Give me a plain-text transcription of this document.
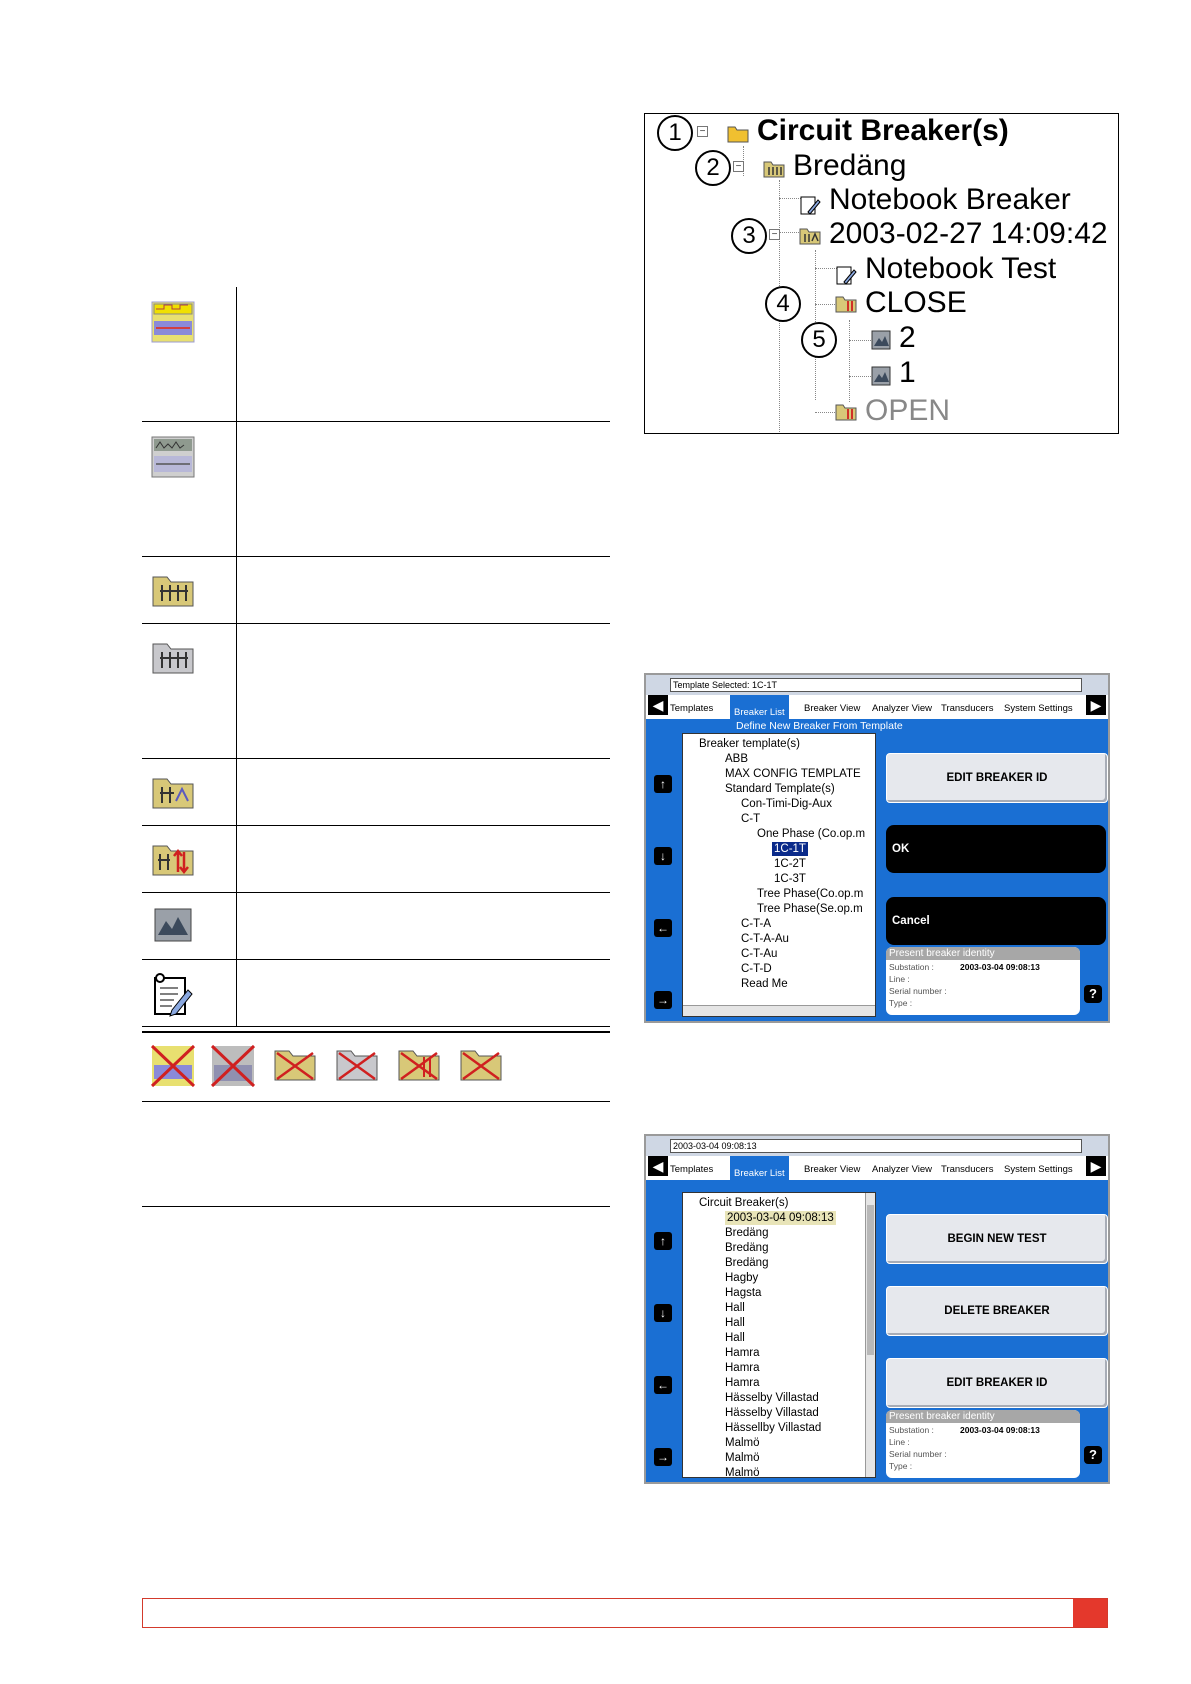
1	− Circuit Breaker(s)
2	− Bredäng
Notebook Breaker
3	− 2003-02-27 14:09:42
Notebook Test
4	CLOSE
5	2
1
OPEN
Template Selected: 1C-1T
◀	▶
Templates	Breaker List	Breaker View Analyzer View Transducers System Settings
Define New Breaker From Template
↑
↓
←
→
Breaker template(s)
ABB
MAX CONFIG TEMPLATE
Standard Template(s)
Con-Timi-Dig-Aux
C-T
One Phase (Co.op.m
1C-1T
1C-2T
1C-3T
Tree Phase(Co.op.m
Tree Phase(Se.op.m
C-T-A
C-T-A-Au
C-T-Au
C-T-D
Read Me
EDIT BREAKER ID
OK
Cancel
Present breaker identity
Substation :	2003-03-04 09:08:13
Line :
Serial number :
Type :
?
2003-03-04 09:08:13
◀	▶
Templates	Breaker List	Breaker View Analyzer View Transducers System Settings
↑
↓
←
→
Circuit Breaker(s)
2003-03-04 09:08:13
Bredäng
Bredäng
Bredäng
Hagby
Hagsta
Hall
Hall
Hall
Hamra
Hamra
Hamra
Hässelby Villastad
Hässelby Villastad
Hässellby Villastad
Malmö
Malmö
Malmö
BEGIN NEW TEST
DELETE BREAKER
EDIT BREAKER ID
Present breaker identity
Substation :	2003-03-04 09:08:13
Line :
Serial number :
Type :
?
